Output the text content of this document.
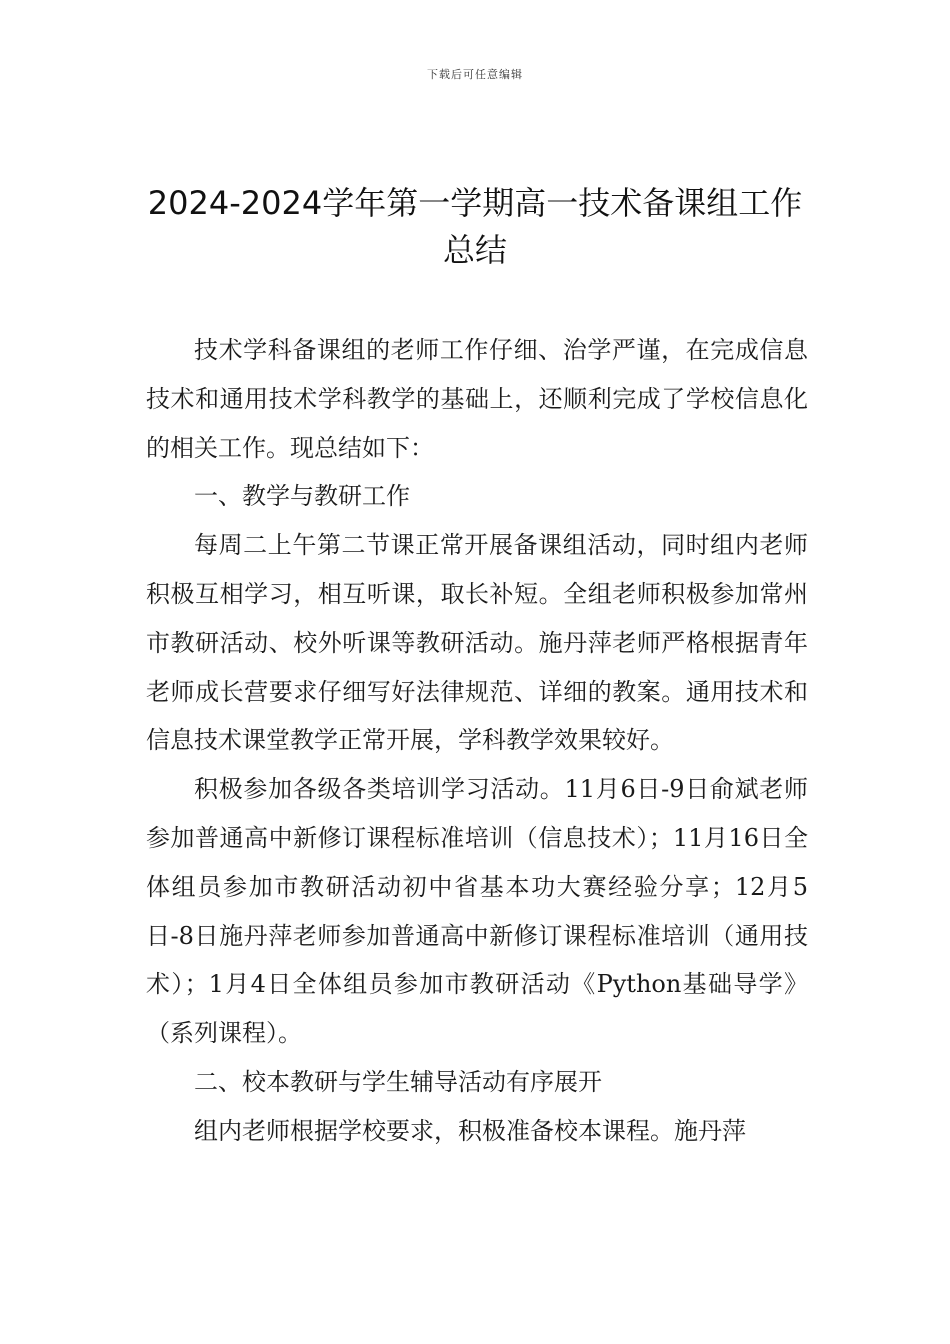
下载后可任意编辑
2024-2024学年第一学期高一技术备课组工作总结

技术学科备课组的老师工作仔细、治学严谨，在完成信息技术和通用技术学科教学的基础上，还顺利完成了学校信息化的相关工作。现总结如下：

一、教学与教研工作

每周二上午第二节课正常开展备课组活动，同时组内老师积极互相学习，相互听课，取长补短。全组老师积极参加常州市教研活动、校外听课等教研活动。施丹萍老师严格根据青年老师成长营要求仔细写好法律规范、详细的教案。通用技术和信息技术课堂教学正常开展，学科教学效果较好。

积极参加各级各类培训学习活动。11月6日-9日俞斌老师参加普通高中新修订课程标准培训（信息技术）；11月16日全体组员参加市教研活动初中省基本功大赛经验分享；12月5日-8日施丹萍老师参加普通高中新修订课程标准培训（通用技术）；1月4日全体组员参加市教研活动《Python基础导学》（系列课程）。

二、校本教研与学生辅导活动有序展开

组内老师根据学校要求，积极准备校本课程。施丹萍
